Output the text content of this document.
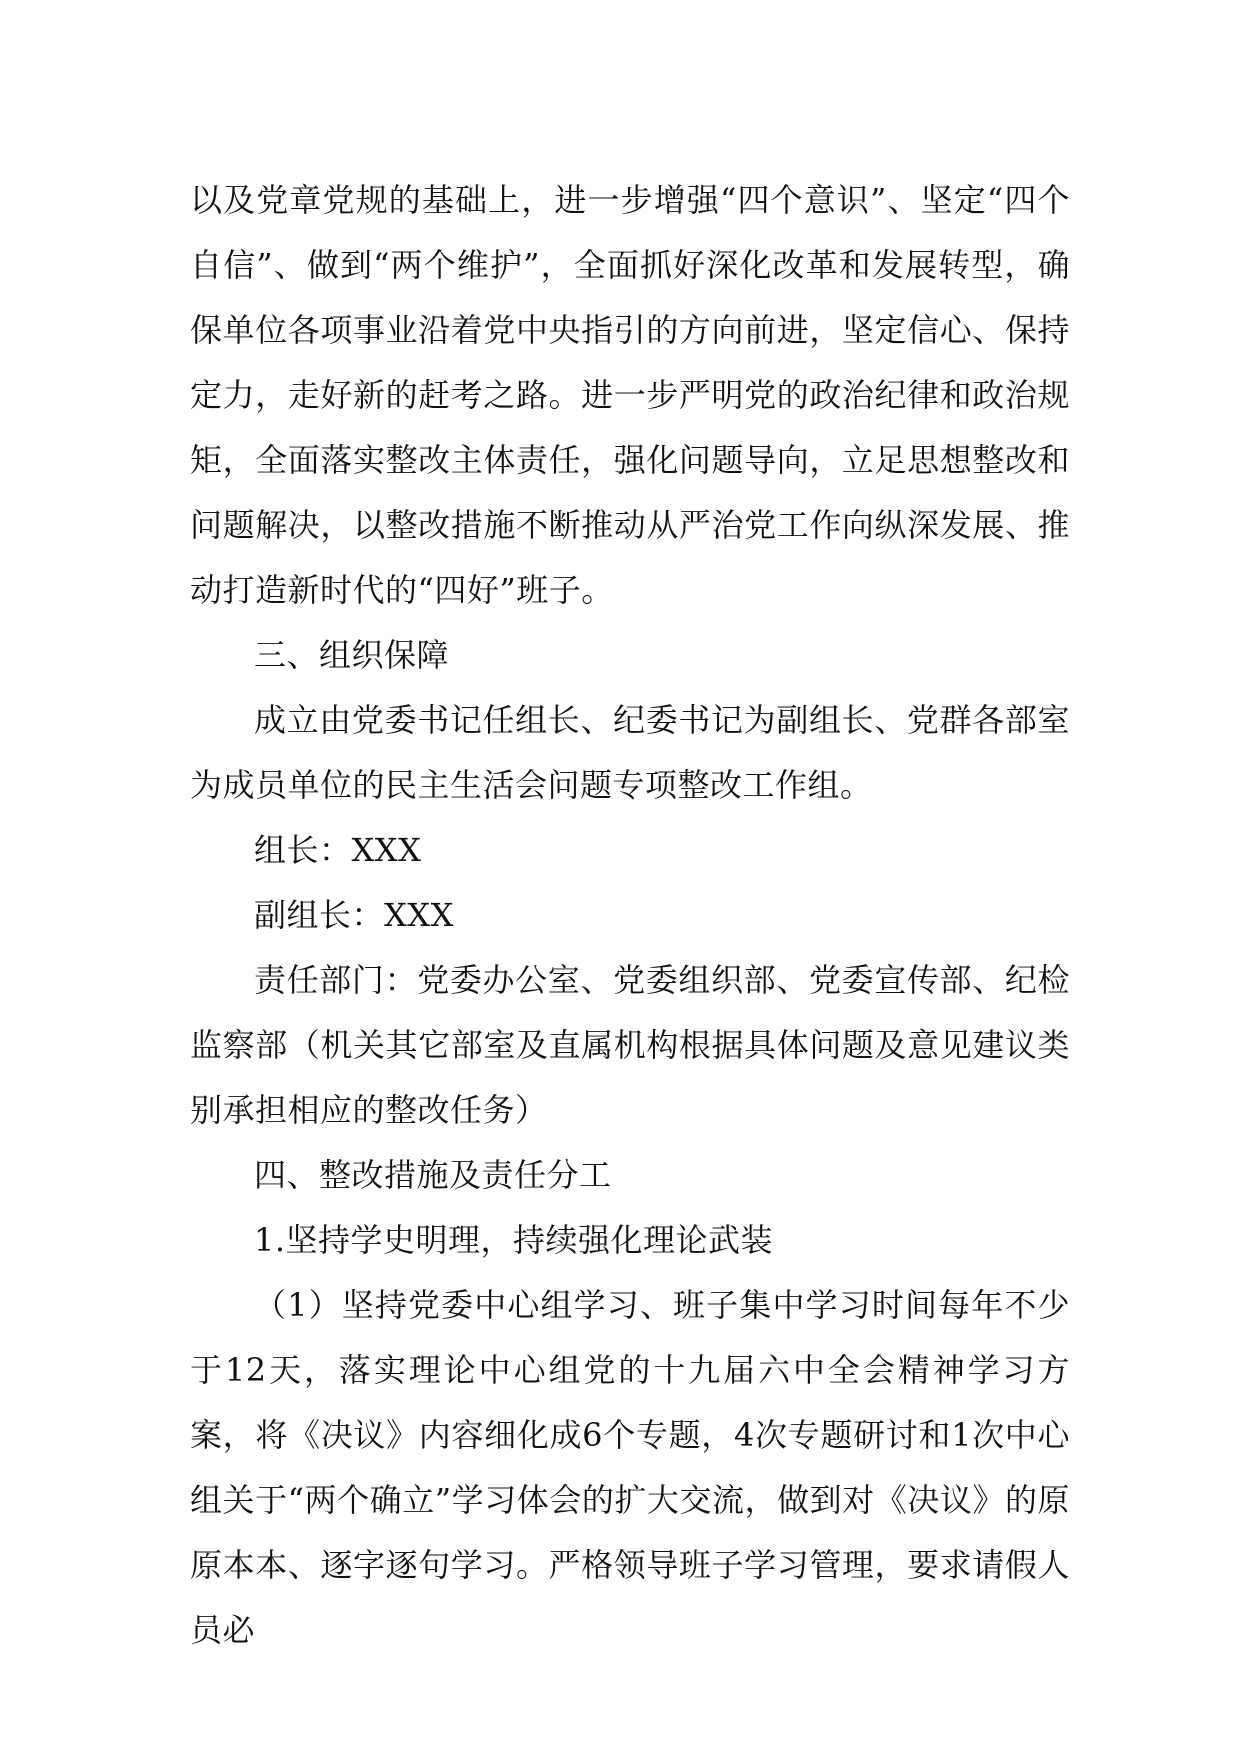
以及党章党规的基础上，进一步增强“四个意识”、坚定“四个自信”、做到“两个维护”，全面抓好深化改革和发展转型，确保单位各项事业沿着党中央指引的方向前进，坚定信心、保持定力，走好新的赶考之路。进一步严明党的政治纪律和政治规矩，全面落实整改主体责任，强化问题导向，立足思想整改和问题解决，以整改措施不断推动从严治党工作向纵深发展、推动打造新时代的“四好”班子。

三、组织保障

成立由党委书记任组长、纪委书记为副组长、党群各部室为成员单位的民主生活会问题专项整改工作组。

组长：XXX

副组长：XXX

责任部门：党委办公室、党委组织部、党委宣传部、纪检监察部（机关其它部室及直属机构根据具体问题及意见建议类别承担相应的整改任务）

四、整改措施及责任分工

1.坚持学史明理，持续强化理论武装

（1）坚持党委中心组学习、班子集中学习时间每年不少于12天，落实理论中心组党的十九届六中全会精神学习方案，将《决议》内容细化成6个专题，4次专题研讨和1次中心组关于“两个确立”学习体会的扩大交流，做到对《决议》的原原本本、逐字逐句学习。严格领导班子学习管理，要求请假人员必
